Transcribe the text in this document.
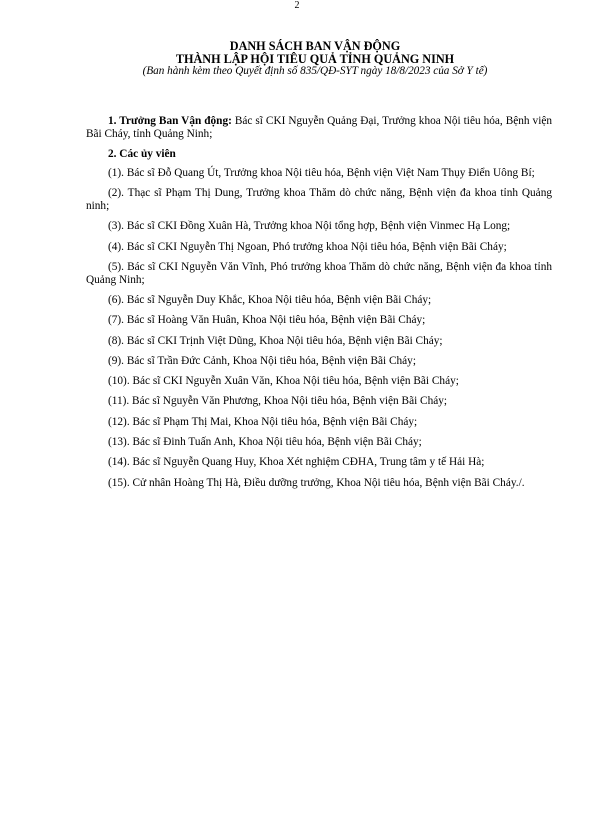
2
DANH SÁCH BAN VẬN ĐỘNG
THÀNH LẬP HỘI TIÊU QUẢ TỈNH QUẢNG NINH
(Ban hành kèm theo Quyết định số 835/QĐ-SYT ngày 18/8/2023 của Sở Y tế)

1. Trưởng Ban Vận động: Bác sĩ CKI Nguyễn Quảng Đại, Trưởng khoa Nội tiêu hóa, Bệnh viện Bãi Cháy, tỉnh Quảng Ninh;

2. Các ủy viên

(1). Bác sĩ Đỗ Quang Út, Trưởng khoa Nội tiêu hóa, Bệnh viện Việt Nam Thụy Điển Uông Bí;

(2). Thạc sĩ Phạm Thị Dung, Trưởng khoa Thăm dò chức năng, Bệnh viện đa khoa tỉnh Quảng ninh;

(3). Bác sĩ CKI Đồng Xuân Hà, Trưởng khoa Nội tổng hợp, Bệnh viện Vinmec Hạ Long;

(4). Bác sĩ CKI Nguyễn Thị Ngoan, Phó trưởng khoa Nội tiêu hóa, Bệnh viện Bãi Cháy;

(5). Bác sĩ CKI Nguyễn Văn Vĩnh, Phó trưởng khoa Thăm dò chức năng, Bệnh viện đa khoa tỉnh Quảng Ninh;

(6). Bác sĩ Nguyễn Duy Khắc, Khoa Nội tiêu hóa, Bệnh viện Bãi Cháy;

(7). Bác sĩ Hoàng Văn Huân, Khoa Nội tiêu hóa, Bệnh viện Bãi Cháy;

(8). Bác sĩ CKI Trịnh Việt Dũng, Khoa Nội tiêu hóa, Bệnh viện Bãi Cháy;

(9). Bác sĩ Trần Đức Cảnh, Khoa Nội tiêu hóa, Bệnh viện Bãi Cháy;

(10). Bác sĩ CKI Nguyễn Xuân Văn, Khoa Nội tiêu hóa, Bệnh viện Bãi Cháy;

(11). Bác sĩ Nguyễn Văn Phương, Khoa Nội tiêu hóa, Bệnh viện Bãi Cháy;

(12). Bác sĩ Phạm Thị Mai, Khoa Nội tiêu hóa, Bệnh viện Bãi Cháy;

(13). Bác sĩ Đinh Tuấn Anh, Khoa Nội tiêu hóa, Bệnh viện Bãi Cháy;

(14). Bác sĩ Nguyễn Quang Huy, Khoa Xét nghiệm CĐHA, Trung tâm y tế Hải Hà;

(15). Cử nhân Hoàng Thị Hà, Điều dưỡng trưởng, Khoa Nội tiêu hóa, Bệnh viện Bãi Cháy./.
